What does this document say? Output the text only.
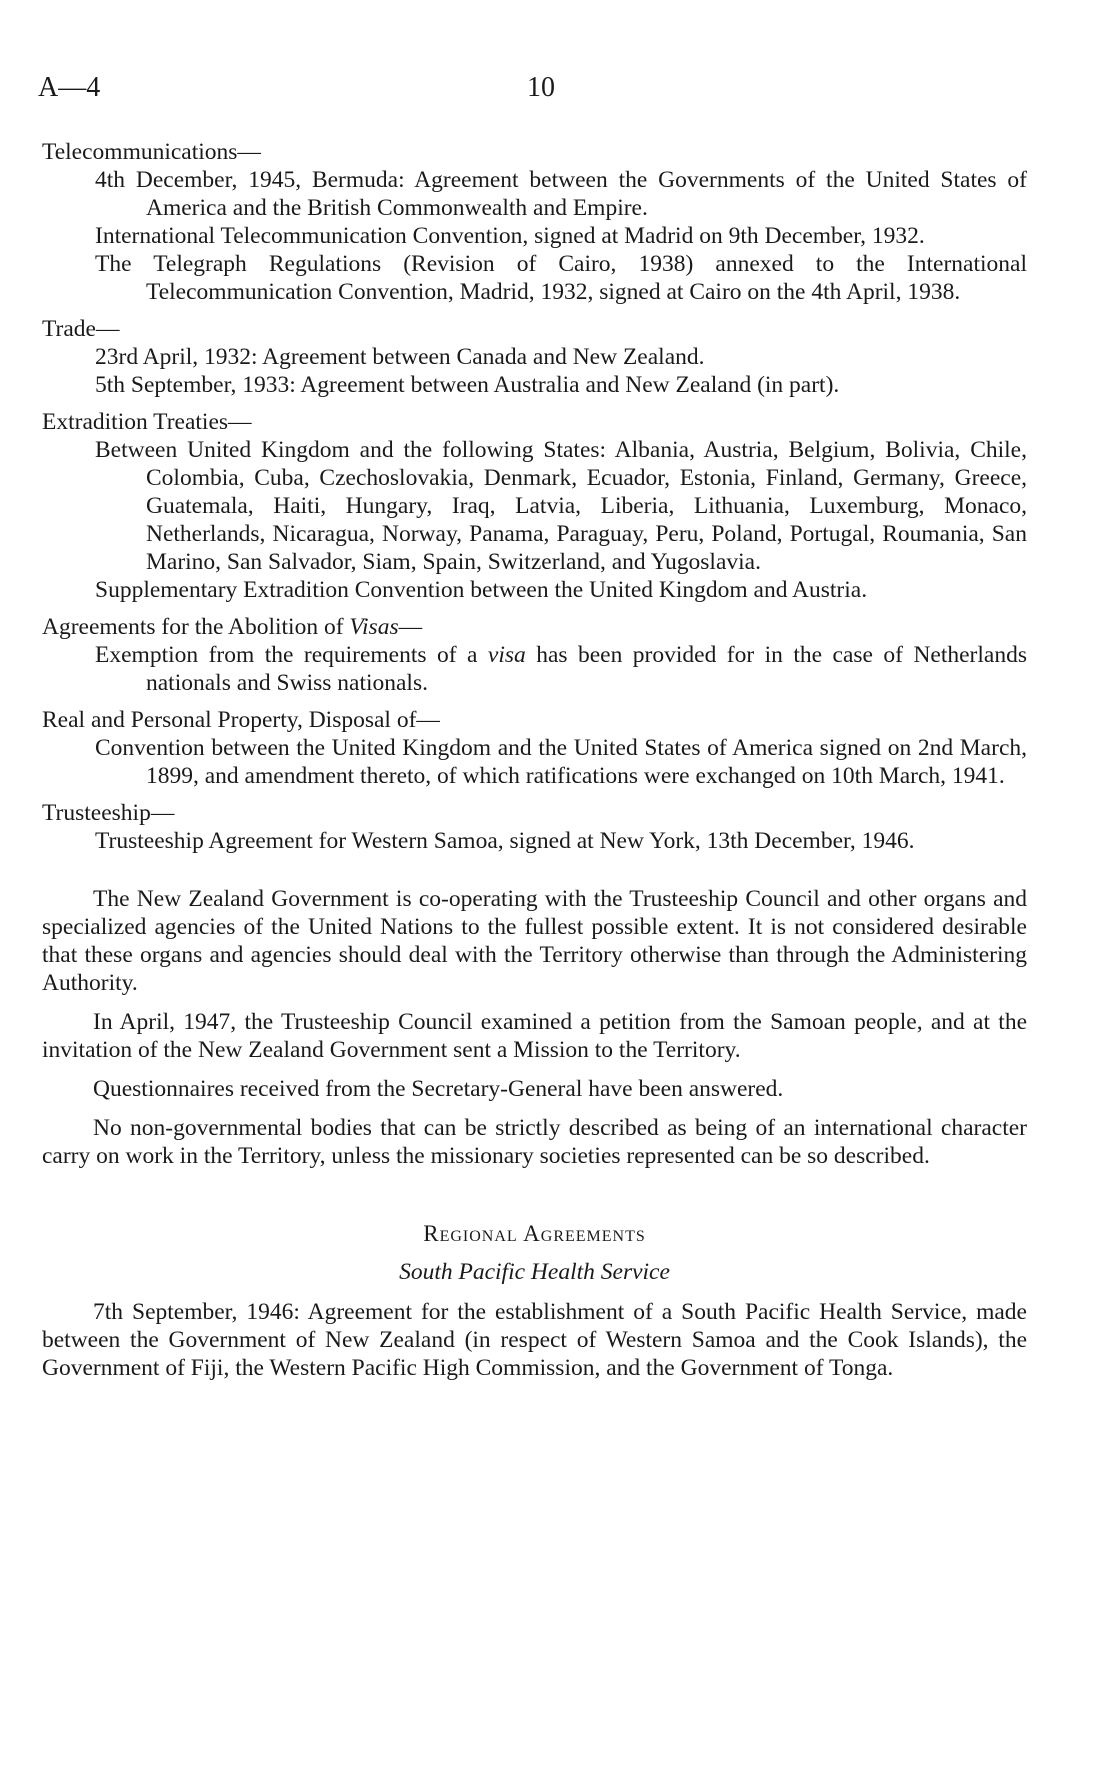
A—4	10

Telecommunications—

4th December, 1945, Bermuda: Agreement between the Governments of the United States of America and the British Commonwealth and Empire.

International Telecommunication Convention, signed at Madrid on 9th December, 1932.

The Telegraph Regulations (Revision of Cairo, 1938) annexed to the International Telecommunication Convention, Madrid, 1932, signed at Cairo on the 4th April, 1938.

Trade—

23rd April, 1932: Agreement between Canada and New Zealand.

5th September, 1933: Agreement between Australia and New Zealand (in part).

Extradition Treaties—

Between United Kingdom and the following States: Albania, Austria, Belgium, Bolivia, Chile, Colombia, Cuba, Czechoslovakia, Denmark, Ecuador, Estonia, Finland, Germany, Greece, Guatemala, Haiti, Hungary, Iraq, Latvia, Liberia, Lithuania, Luxemburg, Monaco, Netherlands, Nicaragua, Norway, Panama, Paraguay, Peru, Poland, Portugal, Roumania, San Marino, San Salvador, Siam, Spain, Switzerland, and Yugoslavia.

Supplementary Extradition Convention between the United Kingdom and Austria.

Agreements for the Abolition of Visas—

Exemption from the requirements of a visa has been provided for in the case of Netherlands nationals and Swiss nationals.

Real and Personal Property, Disposal of—

Convention between the United Kingdom and the United States of America signed on 2nd March, 1899, and amendment thereto, of which ratifications were exchanged on 10th March, 1941.

Trusteeship—

Trusteeship Agreement for Western Samoa, signed at New York, 13th December, 1946.

The New Zealand Government is co-operating with the Trusteeship Council and other organs and specialized agencies of the United Nations to the fullest possible extent. It is not considered desirable that these organs and agencies should deal with the Territory otherwise than through the Administering Authority.

In April, 1947, the Trusteeship Council examined a petition from the Samoan people, and at the invitation of the New Zealand Government sent a Mission to the Territory.

Questionnaires received from the Secretary-General have been answered.

No non-governmental bodies that can be strictly described as being of an international character carry on work in the Territory, unless the missionary societies represented can be so described.

Regional Agreements

South Pacific Health Service

7th September, 1946: Agreement for the establishment of a South Pacific Health Service, made between the Government of New Zealand (in respect of Western Samoa and the Cook Islands), the Government of Fiji, the Western Pacific High Commission, and the Government of Tonga.
